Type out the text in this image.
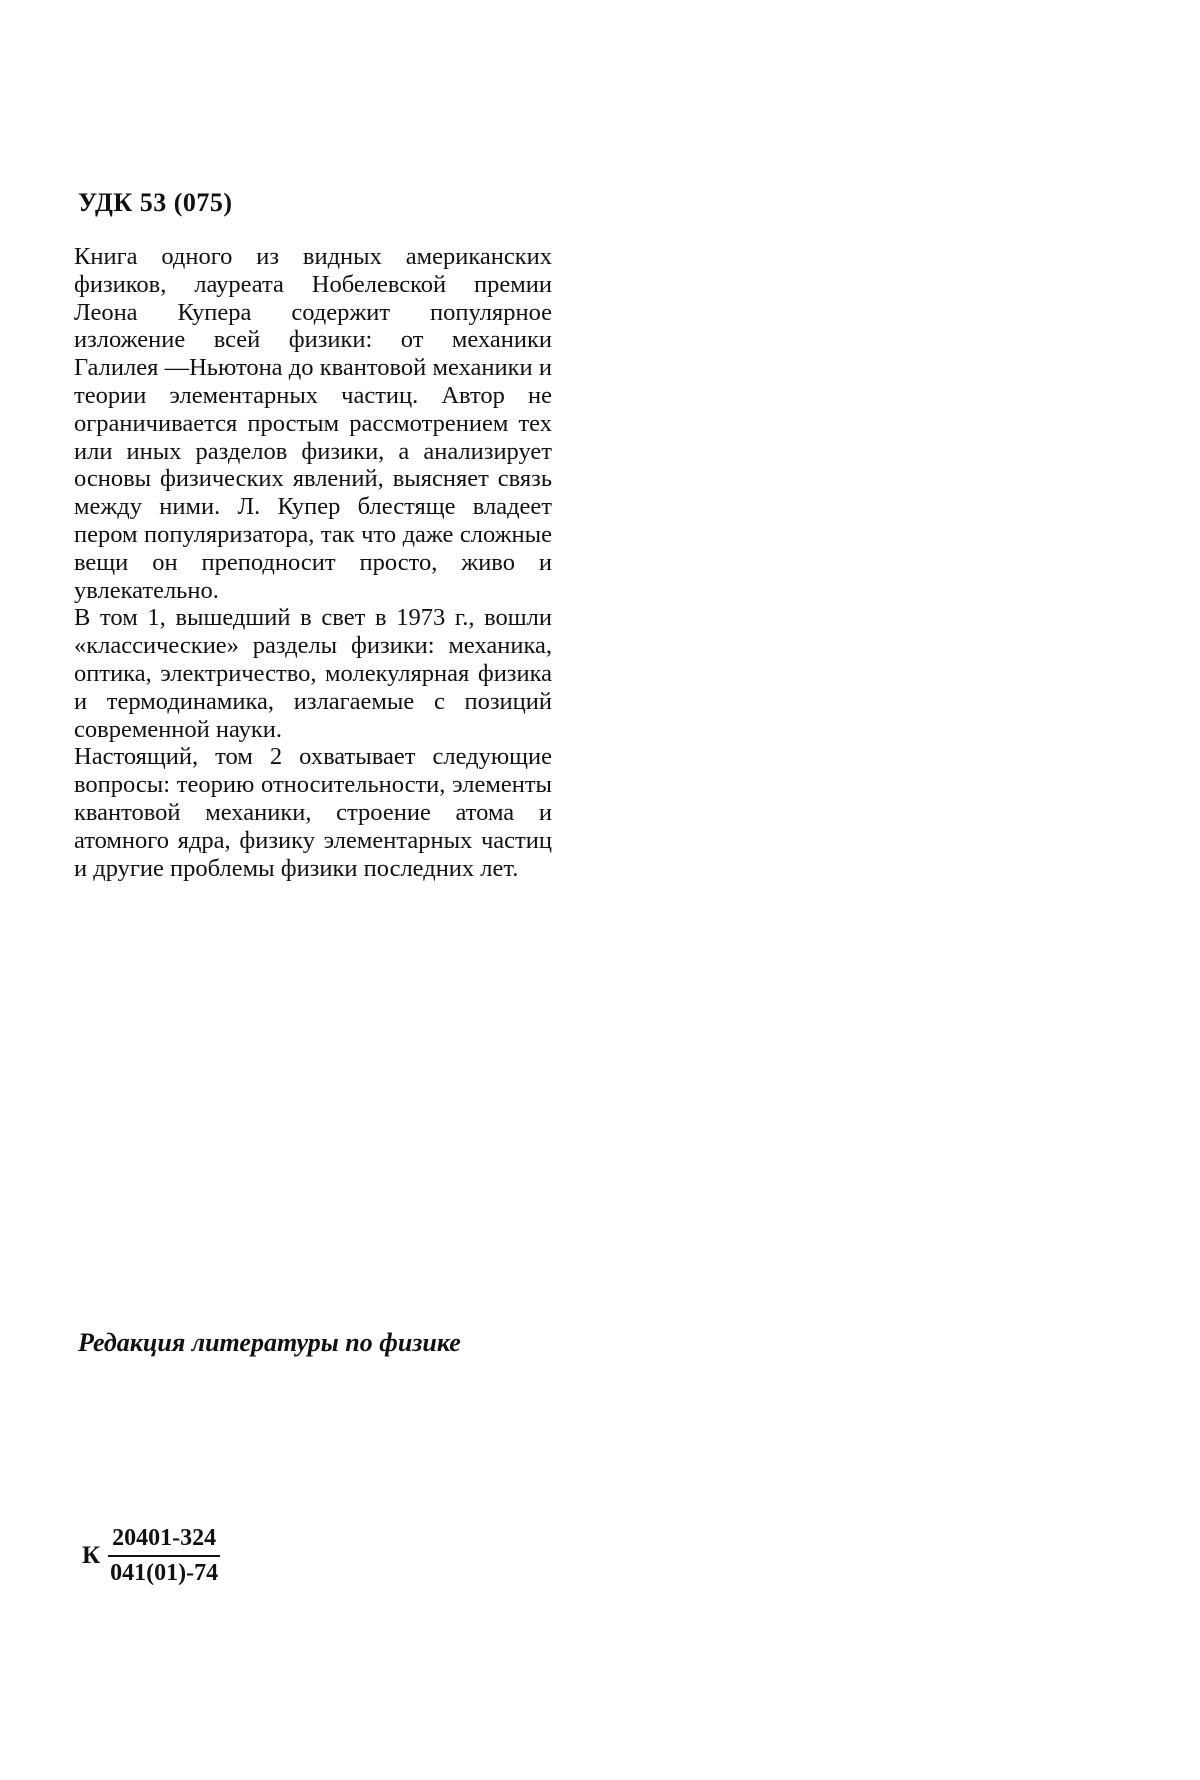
УДК 53 (075)

Книга одного из видных американских физиков, лауреата Нобелевской премии Леона Купера содержит популярное изложение всей физики: от механики Галилея —Ньютона до квантовой механики и теории элементарных частиц. Автор не ограничивается простым рассмотрением тех или иных разделов физики, а анализирует основы физических явлений, выясняет связь между ними. Л. Купер блестяще владеет пером популяризатора, так что даже сложные вещи он преподносит просто, живо и увлекательно.

В том 1, вышедший в свет в 1973 г., вошли «классические» разделы физики: механика, оптика, электричество, молекулярная физика и термодинамика, излагаемые с позиций современной науки.

Настоящий, том 2 охватывает следующие вопросы: теорию относительности, элементы квантовой механики, строение атома и атомного ядра, физику элементарных частиц и другие проблемы физики последних лет.

Редакция литературы по физике

К $\frac{20401-324}{041(01)-74}$
